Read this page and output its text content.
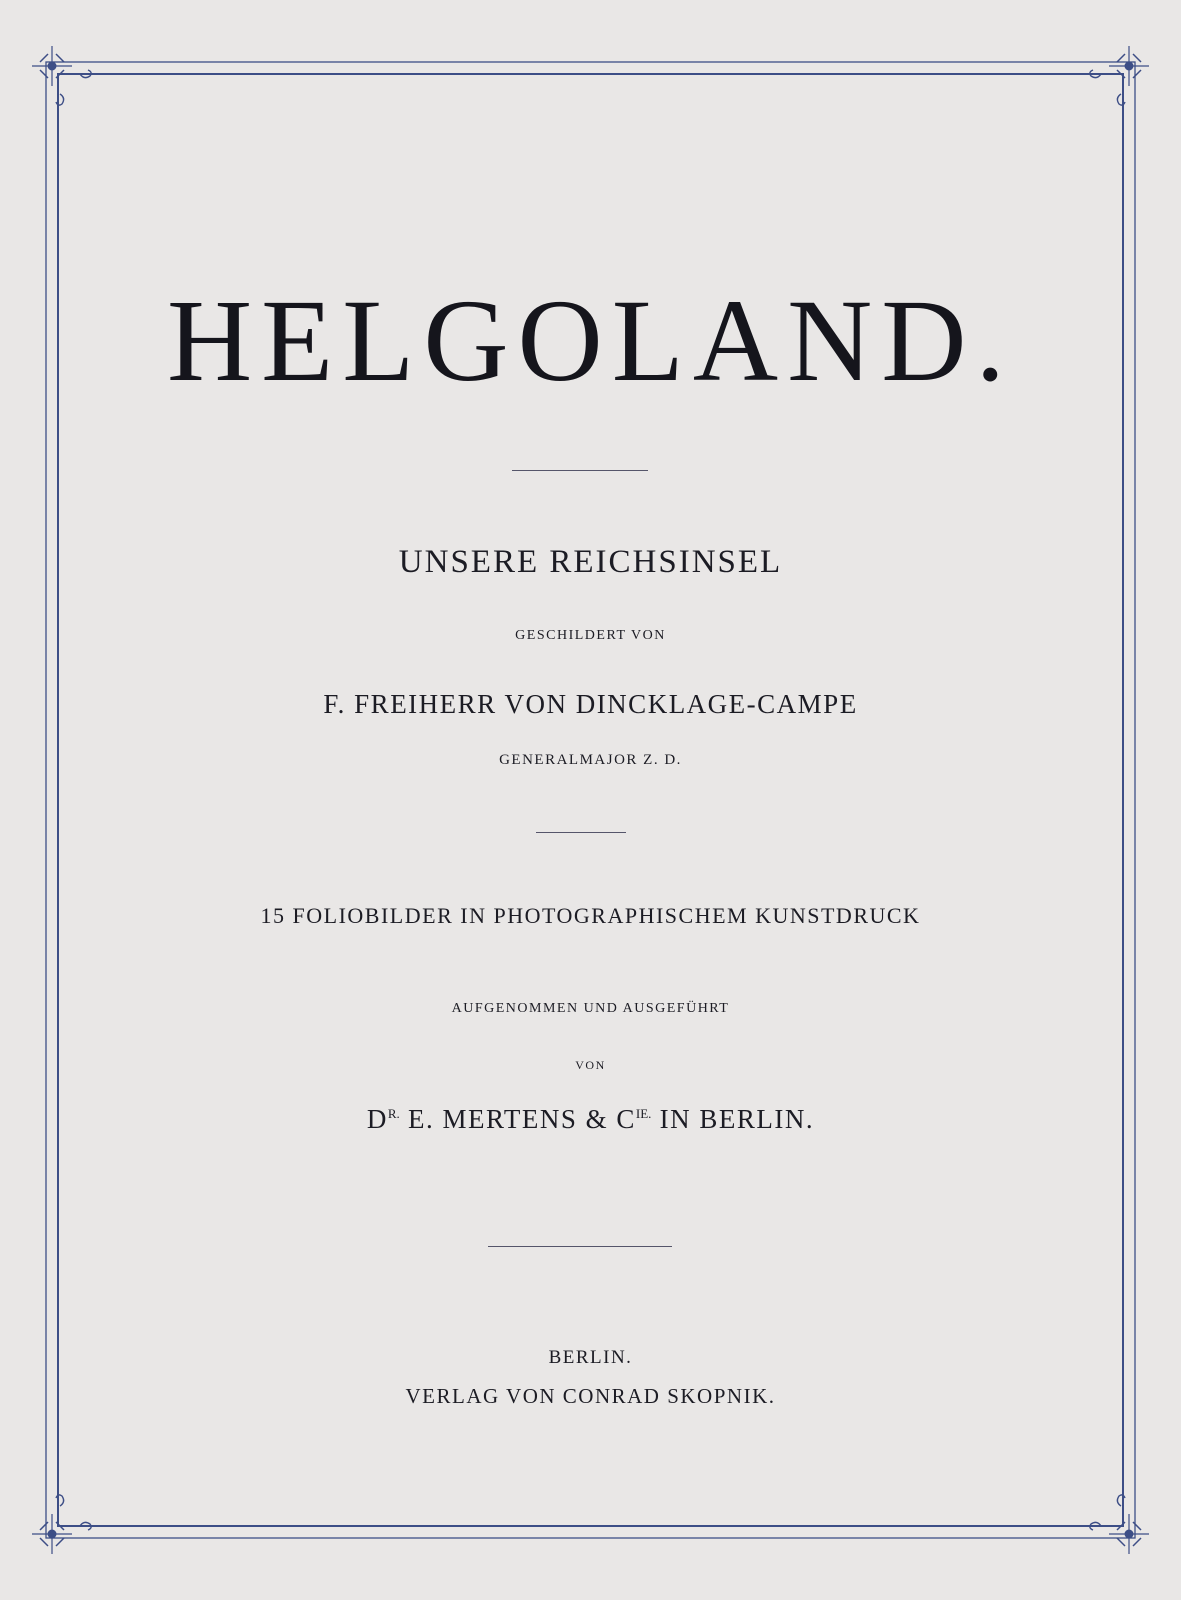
HELGOLAND.
UNSERE REICHSINSEL
GESCHILDERT VON
F. FREIHERR VON DINCKLAGE-CAMPE
GENERALMAJOR Z. D.
15 FOLIOBILDER IN PHOTOGRAPHISCHEM KUNSTDRUCK
AUFGENOMMEN UND AUSGEFÜHRT
VON
$D^{R.}$ E. MERTENS & $C^{IE.}$ IN BERLIN.
BERLIN.
VERLAG VON CONRAD SKOPNIK.
